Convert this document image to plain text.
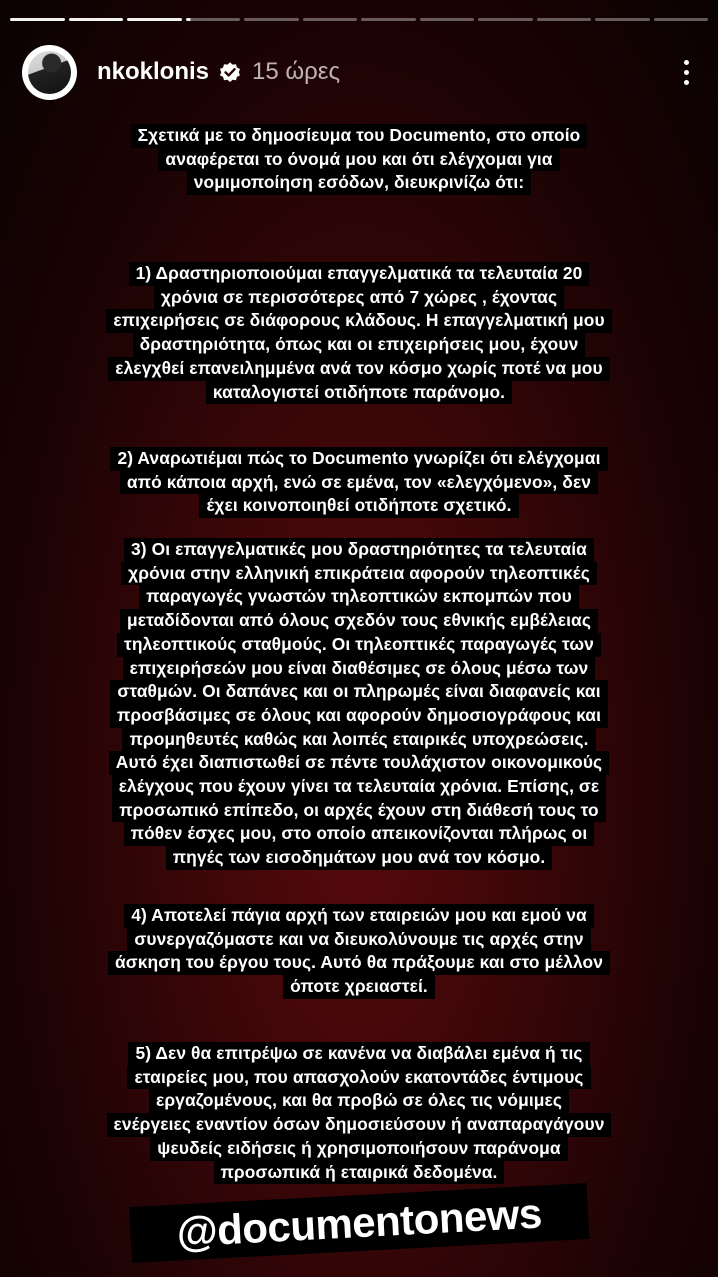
nkoklonis 15 ώρες
Σχετικά με το δημοσίευμα του Documento, στο οποίο
αναφέρεται το όνομά μου και ότι ελέγχομαι για
νομιμοποίηση εσόδων, διευκρινίζω ότι:
1) Δραστηριοποιούμαι επαγγελματικά τα τελευταία 20
χρόνια σε περισσότερες από 7 χώρες , έχοντας
επιχειρήσεις σε διάφορους κλάδους. Η επαγγελματική μου
δραστηριότητα, όπως και οι επιχειρήσεις μου, έχουν
ελεγχθεί επανειλημμένα ανά τον κόσμο χωρίς ποτέ να μου
καταλογιστεί οτιδήποτε παράνομο.
2) Αναρωτιέμαι πώς το Documento γνωρίζει ότι ελέγχομαι
από κάποια αρχή, ενώ σε εμένα, τον «ελεγχόμενο», δεν
έχει κοινοποιηθεί οτιδήποτε σχετικό.
3) Οι επαγγελματικές μου δραστηριότητες τα τελευταία
χρόνια στην ελληνική επικράτεια αφορούν τηλεοπτικές
παραγωγές γνωστών τηλεοπτικών εκπομπών που
μεταδίδονται από όλους σχεδόν τους εθνικής εμβέλειας
τηλεοπτικούς σταθμούς. Οι τηλεοπτικές παραγωγές των
επιχειρήσεών μου είναι διαθέσιμες σε όλους μέσω των
σταθμών. Οι δαπάνες και οι πληρωμές είναι διαφανείς και
προσβάσιμες σε όλους και αφορούν δημοσιογράφους και
προμηθευτές καθώς και λοιπές εταιρικές υποχρεώσεις.
Αυτό έχει διαπιστωθεί σε πέντε τουλάχιστον οικονομικούς
ελέγχους που έχουν γίνει τα τελευταία χρόνια. Επίσης, σε
προσωπικό επίπεδο, οι αρχές έχουν στη διάθεσή τους το
πόθεν έσχες μου, στο οποίο απεικονίζονται πλήρως οι
πηγές των εισοδημάτων μου ανά τον κόσμο.
4) Αποτελεί πάγια αρχή των εταιρειών μου και εμού να
συνεργαζόμαστε και να διευκολύνουμε τις αρχές στην
άσκηση του έργου τους. Αυτό θα πράξουμε και στο μέλλον
όποτε χρειαστεί.
5) Δεν θα επιτρέψω σε κανένα να διαβάλει εμένα ή τις
εταιρείες μου, που απασχολούν εκατοντάδες έντιμους
εργαζομένους, και θα προβώ σε όλες τις νόμιμες
ενέργειες εναντίον όσων δημοσιεύσουν ή αναπαραγάγουν
ψευδείς ειδήσεις ή χρησιμοποιήσουν παράνομα
προσωπικά ή εταιρικά δεδομένα.
@documentonews
